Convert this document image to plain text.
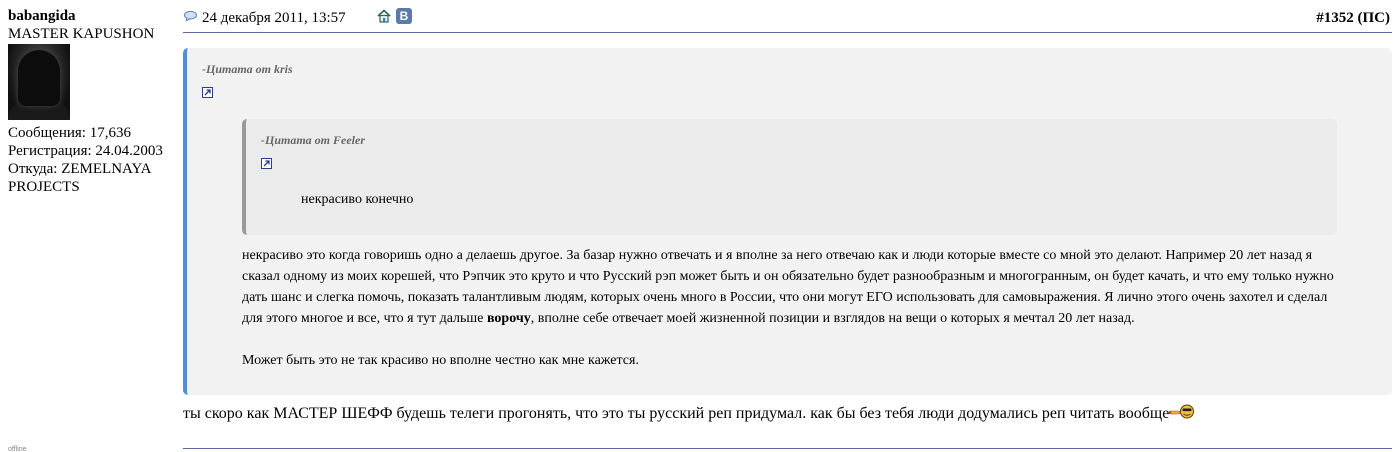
babangida
MASTER KAPUSHON
Сообщения: 17,636
Регистрация: 24.04.2003
Откуда: ZEMELNAYA
PROJECTS
offline
24 декабря 2011, 13:57	В	#1352 (ПС)
-Цитата от kris
-Цитата от Feeler
некрасиво конечно

некрасиво это когда говоришь одно а делаешь другое. За базар нужно отвечать и я вполне за него отвечаю как и люди которые вместе со мной это делают. Например 20 лет назад я сказал одному из моих корешей, что Рэпчик это круто и что Русский рэп может быть и он обязательно будет разнообразным и многогранным, он будет качать, и что ему только нужно дать шанс и слегка помочь, показать талантливым людям, которых очень много в России, что они могут ЕГО использовать для самовыражения. Я лично этого очень захотел и сделал для этого многое и все, что я тут дальше ворочу, вполне себе отвечает моей жизненной позиции и взглядов на вещи о которых я мечтал 20 лет назад.

Может быть это не так красиво но вполне честно как мне кажется.

ты скоро как МАСТЕР ШЕФФ будешь телеги прогонять, что это ты русский реп придумал. как бы без тебя люди додумались реп читать вообще
